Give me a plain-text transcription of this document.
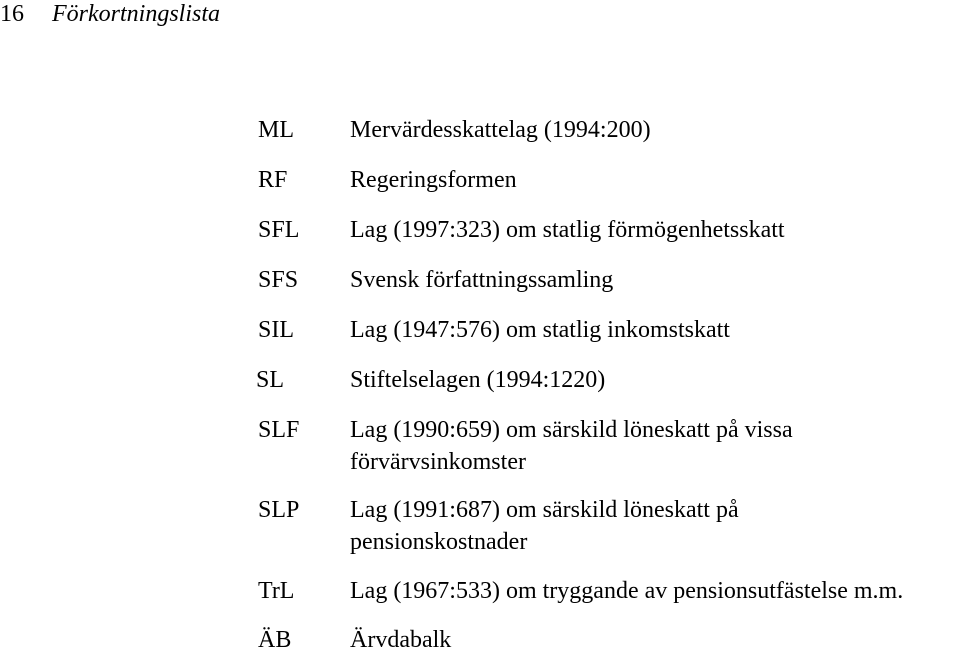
16 Förkortningslista
ML Mervärdesskattelag (1994:200)
RF	Regeringsformen
SFL Lag (1997:323) om statlig förmögenhetsskatt
SFS Svensk författningssamling
SIL Lag (1947:576) om statlig inkomstskatt
SL	Stiftelselagen (1994:1220)
SLF Lag (1990:659) om särskild löneskatt på vissa
förvärvsinkomster
SLP Lag (1991:687) om särskild löneskatt på
pensionskostnader
TrL Lag (1967:533) om tryggande av pensionsutfästelse m.m.
ÄB Ärvdabalk
